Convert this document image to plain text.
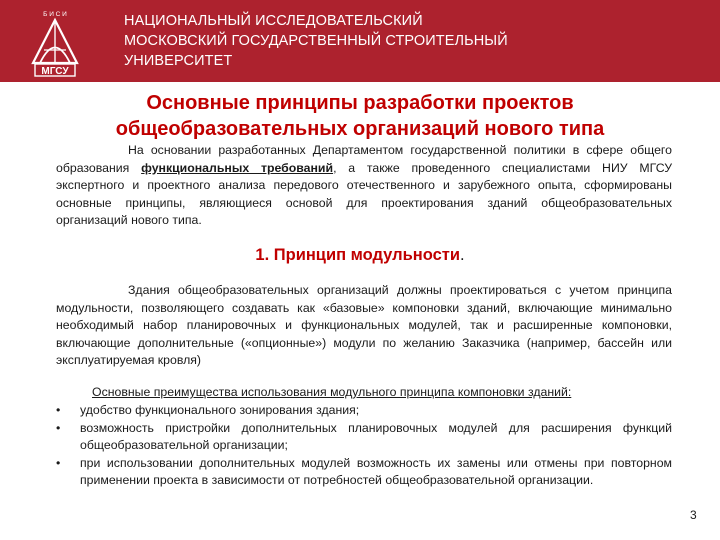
Б И С И
МГСУ
НАЦИОНАЛЬНЫЙ ИССЛЕДОВАТЕЛЬСКИЙ
МОСКОВСКИЙ ГОСУДАРСТВЕННЫЙ СТРОИТЕЛЬНЫЙ
УНИВЕРСИТЕТ
Основные принципы разработки проектов
общеобразовательных организаций нового типа
На основании разработанных Департаментом государственной политики в сфере общего образования функциональных требований, а также проведенного специалистами НИУ МГСУ экспертного и проектного анализа передового отечественного и зарубежного опыта, сформированы основные принципы, являющиеся основой для проектирования зданий общеобразовательных организаций нового типа.
1. Принцип модульности.
Здания общеобразовательных организаций должны проектироваться с учетом принципа модульности, позволяющего создавать как «базовые» компоновки зданий, включающие минимально необходимый набор планировочных и функциональных модулей, так и расширенные компоновки, включающие дополнительные («опционные») модули по желанию Заказчика (например, бассейн или эксплуатируемая кровля)
Основные преимущества использования модульного принципа компоновки зданий:
• удобство функционального зонирования здания;
• возможность пристройки дополнительных планировочных модулей для расширения функций общеобразовательной организации;
• при использовании дополнительных модулей возможность их замены или отмены при повторном применении проекта в зависимости от потребностей общеобразовательной организации.
3
